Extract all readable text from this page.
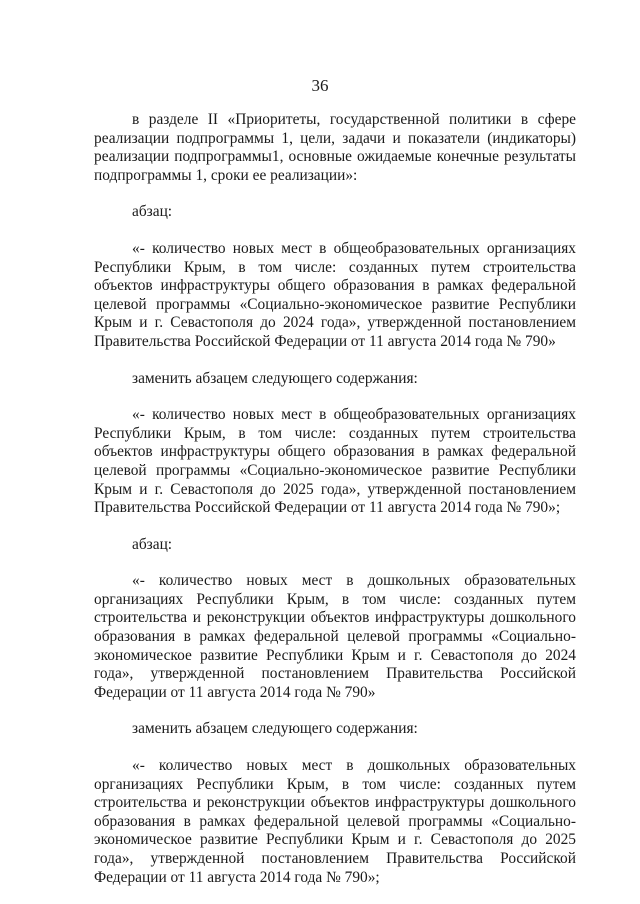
36

в разделе II «Приоритеты, государственной политики в сфере реализации подпрограммы 1, цели, задачи и показатели (индикаторы) реализации подпрограммы1, основные ожидаемые конечные результаты подпрограммы 1, сроки ее реализации»:

абзац:

«- количество новых мест в общеобразовательных организациях Республики Крым, в том числе: созданных путем строительства объектов инфраструктуры общего образования в рамках федеральной целевой программы «Социально-экономическое развитие Республики Крым и г. Севастополя до 2024 года», утвержденной постановлением Правительства Российской Федерации от 11 августа 2014 года № 790»

заменить абзацем следующего содержания:

«- количество новых мест в общеобразовательных организациях Республики Крым, в том числе: созданных путем строительства объектов инфраструктуры общего образования в рамках федеральной целевой программы «Социально-экономическое развитие Республики Крым и г. Севастополя до 2025 года», утвержденной постановлением Правительства Российской Федерации от 11 августа 2014 года № 790»;

абзац:

«- количество новых мест в дошкольных образовательных организациях Республики Крым, в том числе: созданных путем строительства и реконструкции объектов инфраструктуры дошкольного образования в рамках федеральной целевой программы «Социально-экономическое развитие Республики Крым и г. Севастополя до 2024 года», утвержденной постановлением Правительства Российской Федерации от 11 августа 2014 года № 790»

заменить абзацем следующего содержания:

«- количество новых мест в дошкольных образовательных организациях Республики Крым, в том числе: созданных путем строительства и реконструкции объектов инфраструктуры дошкольного образования в рамках федеральной целевой программы «Социально-экономическое развитие Республики Крым и г. Севастополя до 2025 года», утвержденной постановлением Правительства Российской Федерации от 11 августа 2014 года № 790»;
